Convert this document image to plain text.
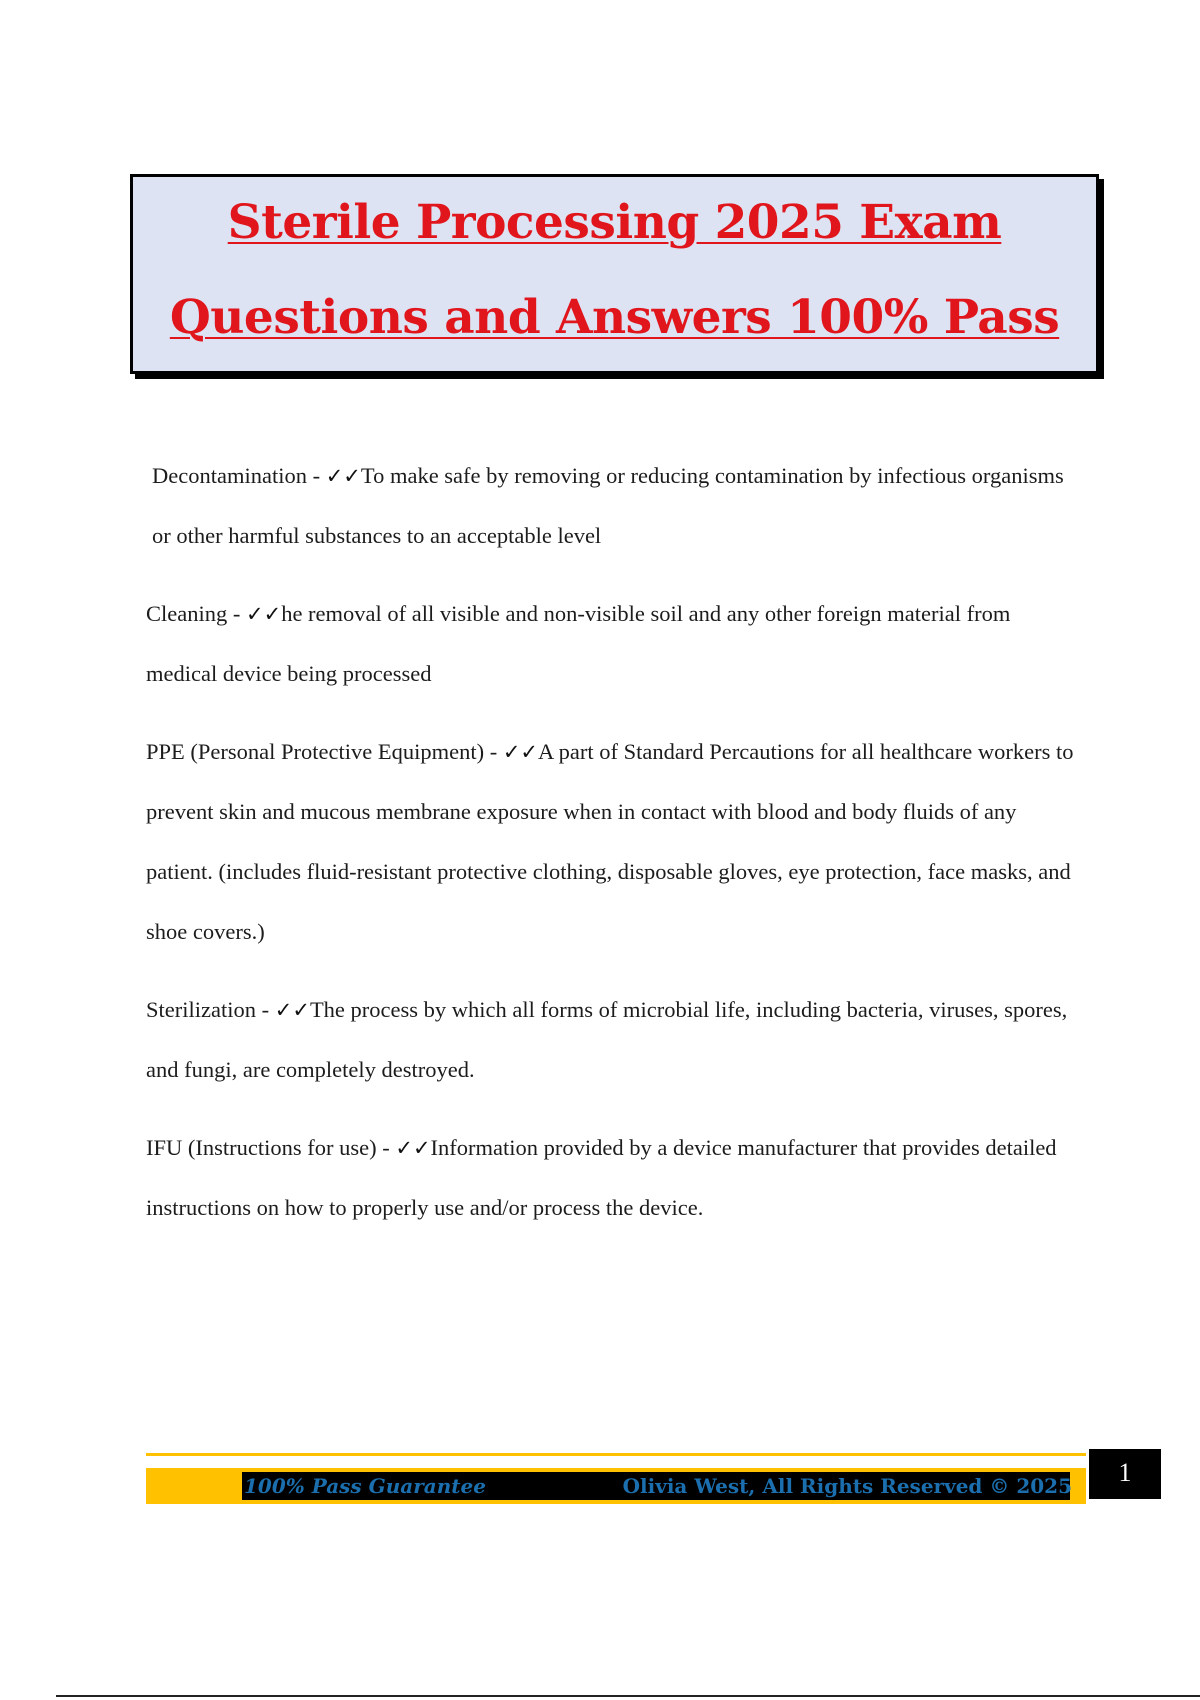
Sterile Processing 2025 Exam
Questions and Answers 100% Pass

Decontamination - ✓✓To make safe by removing or reducing contamination by infectious organisms or other harmful substances to an acceptable level

Cleaning - ✓✓he removal of all visible and non-visible soil and any other foreign material from medical device being processed

PPE (Personal Protective Equipment) - ✓✓A part of Standard Percautions for all healthcare workers to prevent skin and mucous membrane exposure when in contact with blood and body fluids of any patient. (includes fluid-resistant protective clothing, disposable gloves, eye protection, face masks, and shoe covers.)

Sterilization - ✓✓The process by which all forms of microbial life, including bacteria, viruses, spores, and fungi, are completely destroyed.

IFU (Instructions for use) - ✓✓Information provided by a device manufacturer that provides detailed instructions on how to properly use and/or process the device.

100% Pass Guarantee	Olivia West, All Rights Reserved © 2025	1
